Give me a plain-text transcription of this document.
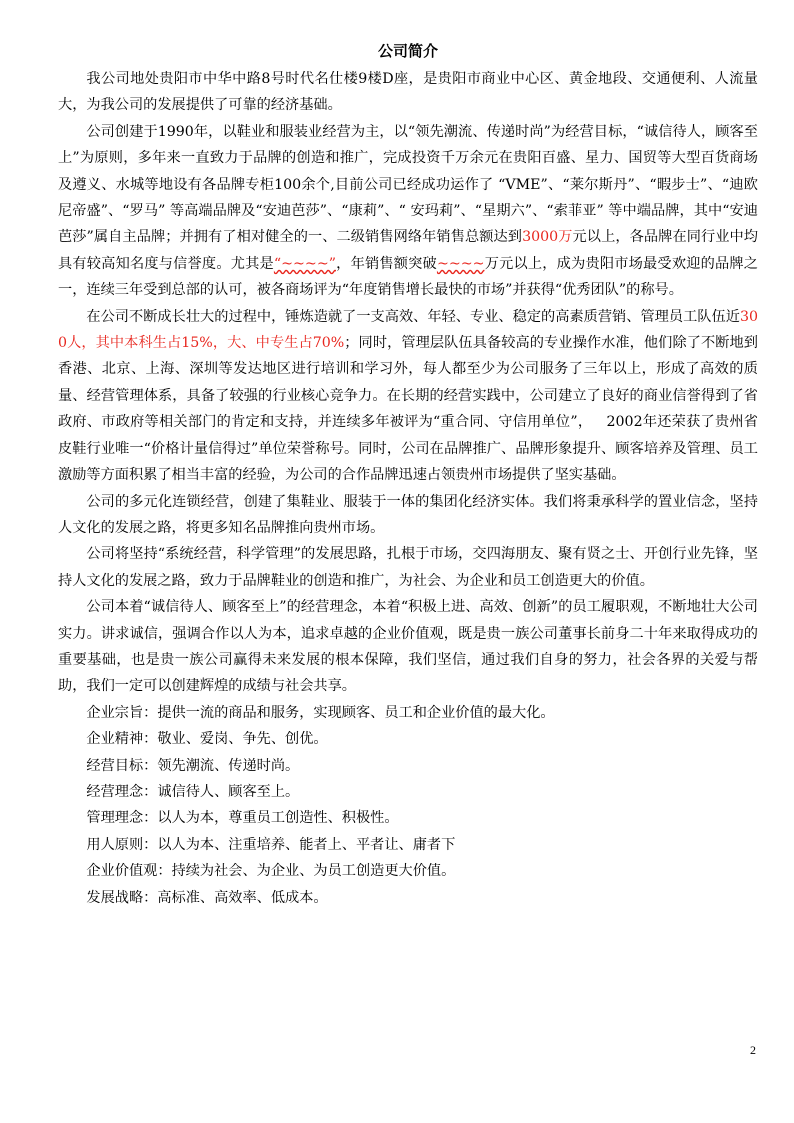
公司简介

我公司地处贵阳市中华中路8号时代名仕楼9楼D座，是贵阳市商业中心区、黄金地段、交通便利、人流量大，为我公司的发展提供了可靠的经济基础。

公司创建于1990年，以鞋业和服装业经营为主，以“领先潮流、传递时尚”为经营目标，“诚信待人，顾客至上”为原则，多年来一直致力于品牌的创造和推广，完成投资千万余元在贵阳百盛、星力、国贸等大型百货商场及遵义、水城等地设有各品牌专柜100余个,目前公司已经成功运作了 “VME”、“莱尔斯丹”、“暇步士”、“迪欧尼帝盛”、“罗马” 等高端品牌及“安迪芭莎”、“康莉”、“ 安玛莉”、“星期六”、“索菲亚” 等中端品牌，其中“安迪芭莎”属自主品牌；并拥有了相对健全的一、二级销售网络年销售总额达到3000万元以上，各品牌在同行业中均具有较高知名度与信誉度。尤其是“~~~~”，年销售额突破~~~~万元以上，成为贵阳市场最受欢迎的品牌之一，连续三年受到总部的认可，被各商场评为“年度销售增长最快的市场”并获得“优秀团队”的称号。

在公司不断成长壮大的过程中，锤炼造就了一支高效、年轻、专业、稳定的高素质营销、管理员工队伍近300人，其中本科生占15%，大、中专生占70%；同时，管理层队伍具备较高的专业操作水准，他们除了不断地到香港、北京、上海、深圳等发达地区进行培训和学习外，每人都至少为公司服务了三年以上，形成了高效的质量、经营管理体系，具备了较强的行业核心竞争力。在长期的经营实践中，公司建立了良好的商业信誉得到了省政府、市政府等相关部门的肯定和支持，并连续多年被评为“重合同、守信用单位”，   2002年还荣获了贵州省皮鞋行业唯一“价格计量信得过”单位荣誉称号。同时，公司在品牌推广、品牌形象提升、顾客培养及管理、员工激励等方面积累了相当丰富的经验，为公司的合作品牌迅速占领贵州市场提供了坚实基础。

公司的多元化连锁经营，创建了集鞋业、服装于一体的集团化经济实体。我们将秉承科学的置业信念，坚持人文化的发展之路，将更多知名品牌推向贵州市场。

公司将坚持“系统经营，科学管理”的发展思路，扎根于市场，交四海朋友、聚有贤之士、开创行业先锋，坚持人文化的发展之路，致力于品牌鞋业的创造和推广，为社会、为企业和员工创造更大的价值。

公司本着“诚信待人、顾客至上”的经营理念，本着“积极上进、高效、创新”的员工履职观，不断地壮大公司实力。讲求诚信，强调合作以人为本，追求卓越的企业价值观，既是贵一族公司董事长前身二十年来取得成功的重要基础，也是贵一族公司赢得未来发展的根本保障，我们坚信，通过我们自身的努力，社会各界的关爱与帮助，我们一定可以创建辉煌的成绩与社会共享。

企业宗旨：提供一流的商品和服务，实现顾客、员工和企业价值的最大化。

企业精神：敬业、爱岗、争先、创优。

经营目标：领先潮流、传递时尚。

经营理念：诚信待人、顾客至上。

管理理念：以人为本，尊重员工创造性、积极性。

用人原则：以人为本、注重培养、能者上、平者让、庸者下

企业价值观：持续为社会、为企业、为员工创造更大价值。

发展战略：高标准、高效率、低成本。

2
